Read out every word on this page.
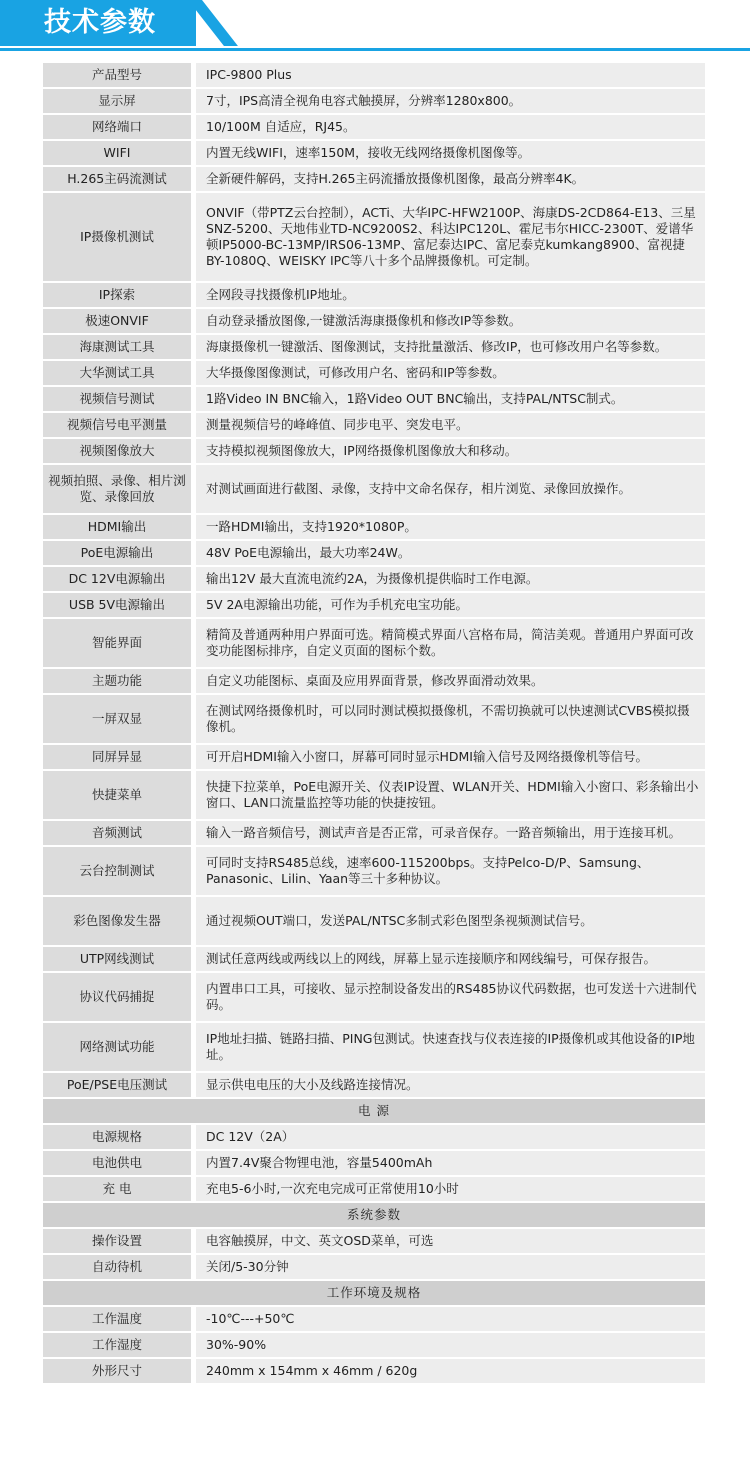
技术参数
产品型号	IPC-9800 Plus
显示屏	7寸，IPS高清全视角电容式触摸屏，分辨率1280x800。
网络端口	10/100M 自适应，RJ45。
WIFI	内置无线WIFI，速率150M，接收无线网络摄像机图像等。
H.265主码流测试	全新硬件解码，支持H.265主码流播放摄像机图像，最高分辨率4K。
IP摄像机测试	ONVIF（带PTZ云台控制），ACTi、大华IPC-HFW2100P、海康DS-2CD864-E13、三星SNZ-5200、天地伟业TD-NC9200S2、科达IPC120L、霍尼韦尔HICC-2300T、爱谱华顿IP5000-BC-13MP/IRS06-13MP、富尼泰达IPC、富尼泰克kumkang8900、富视捷BY-1080Q、WEISKY IPC等八十多个品牌摄像机。可定制。
IP探索	全网段寻找摄像机IP地址。
极速ONVIF	自动登录播放图像,一键激活海康摄像机和修改IP等参数。
海康测试工具	海康摄像机一键激活、图像测试，支持批量激活、修改IP，也可修改用户名等参数。
大华测试工具	大华摄像图像测试，可修改用户名、密码和IP等参数。
视频信号测试	1路Video IN BNC输入，1路Video OUT BNC输出，支持PAL/NTSC制式。
视频信号电平测量	测量视频信号的峰峰值、同步电平、突发电平。
视频图像放大	支持模拟视频图像放大，IP网络摄像机图像放大和移动。
视频拍照、录像、相片浏览、录像回放	对测试画面进行截图、录像，支持中文命名保存，相片浏览、录像回放操作。
HDMI输出	一路HDMI输出，支持1920*1080P。
PoE电源输出	48V PoE电源输出，最大功率24W。
DC 12V电源输出	输出12V 最大直流电流约2A，为摄像机提供临时工作电源。
USB 5V电源输出	5V 2A电源输出功能，可作为手机充电宝功能。
智能界面	精简及普通两种用户界面可选。精简模式界面八宫格布局，简洁美观。普通用户界面可改变功能图标排序，自定义页面的图标个数。
主题功能	自定义功能图标、桌面及应用界面背景，修改界面滑动效果。
一屏双显	在测试网络摄像机时，可以同时测试模拟摄像机，不需切换就可以快速测试CVBS模拟摄像机。
同屏异显	可开启HDMI输入小窗口，屏幕可同时显示HDMI输入信号及网络摄像机等信号。
快捷菜单	快捷下拉菜单，PoE电源开关、仪表IP设置、WLAN开关、HDMI输入小窗口、彩条输出小窗口、LAN口流量监控等功能的快捷按钮。
音频测试	输入一路音频信号，测试声音是否正常，可录音保存。一路音频输出，用于连接耳机。
云台控制测试	可同时支持RS485总线，速率600-115200bps。支持Pelco-D/P、Samsung、Panasonic、Lilin、Yaan等三十多种协议。
彩色图像发生器	通过视频OUT端口，发送PAL/NTSC多制式彩色图型条视频测试信号。
UTP网线测试	测试任意两线或两线以上的网线，屏幕上显示连接顺序和网线编号，可保存报告。
协议代码捕捉	内置串口工具，可接收、显示控制设备发出的RS485协议代码数据，也可发送十六进制代码。
网络测试功能	IP地址扫描、链路扫描、PING包测试。快速查找与仪表连接的IP摄像机或其他设备的IP地址。
PoE/PSE电压测试	显示供电电压的大小及线路连接情况。
电 源	
电源规格	DC 12V（2A）
电池供电	内置7.4V聚合物锂电池，容量5400mAh
充 电	充电5-6小时,一次充电完成可正常使用10小时
系统参数	
操作设置	电容触摸屏，中文、英文OSD菜单，可选
自动待机	关闭/5-30分钟
工作环境及规格	
工作温度	-10℃---+50℃
工作湿度	30%-90%
外形尺寸	240mm x 154mm x 46mm / 620g
